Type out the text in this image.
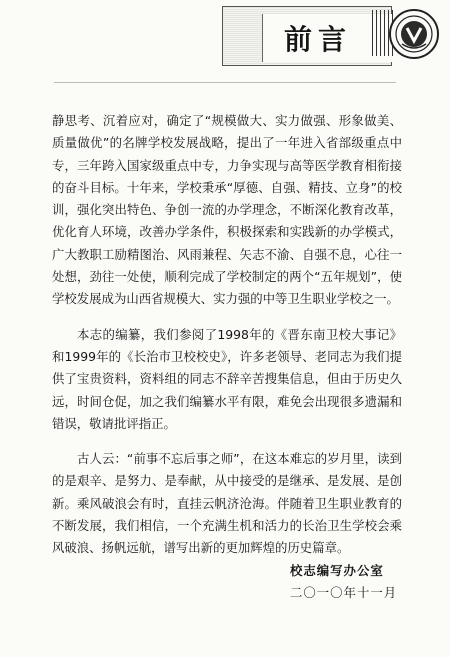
前言

静思考、沉着应对，确定了“规模做大、实力做强、形象做美、质量做优”的名牌学校发展战略，提出了一年进入省部级重点中专，三年跨入国家级重点中专，力争实现与高等医学教育相衔接的奋斗目标。十年来，学校秉承“厚德、自强、精技、立身”的校训，强化突出特色、争创一流的办学理念，不断深化教育改革，优化育人环境，改善办学条件，积极探索和实践新的办学模式，广大教职工励精图治、风雨兼程、矢志不渝、自强不息，心往一处想，劲往一处使，顺利完成了学校制定的两个“五年规划”，使学校发展成为山西省规模大、实力强的中等卫生职业学校之一。

本志的编纂，我们参阅了1998年的《晋东南卫校大事记》和1999年的《长治市卫校校史》，许多老领导、老同志为我们提供了宝贵资料，资料组的同志不辞辛苦搜集信息，但由于历史久远，时间仓促，加之我们编纂水平有限，难免会出现很多遗漏和错误，敬请批评指正。

古人云：“前事不忘后事之师”，在这本难忘的岁月里，读到的是艰辛、是努力、是奉献，从中接受的是继承、是发展、是创新。乘风破浪会有时，直挂云帆济沧海。伴随着卫生职业教育的不断发展，我们相信，一个充满生机和活力的长治卫生学校会乘风破浪、扬帆远航，谱写出新的更加辉煌的历史篇章。

校志编写办公室
二〇一〇年十一月
